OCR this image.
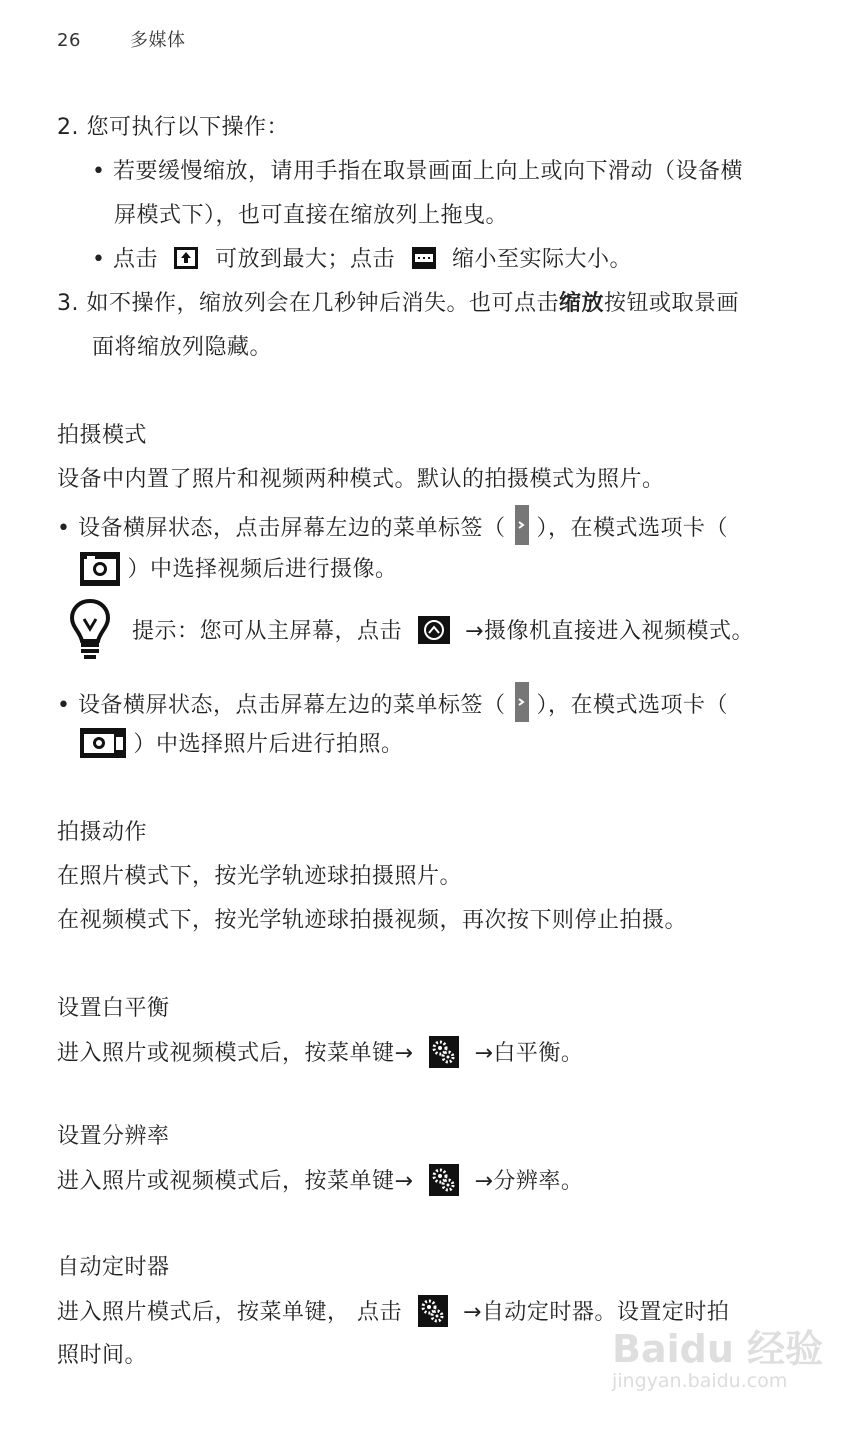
26	多媒体
2. 您可执行以下操作：
• 若要缓慢缩放，请用手指在取景画面上向上或向下滑动（设备横
屏模式下），也可直接在缩放列上拖曳。
• 点击	可放到最大；点击	缩小至实际大小。
3. 如不操作，缩放列会在几秒钟后消失。也可点击缩放按钮或取景画
面将缩放列隐藏。
拍摄模式
设备中内置了照片和视频两种模式。默认的拍摄模式为照片。
• 设备横屏状态，点击屏幕左边的菜单标签（ ），在模式选项卡（
）中选择视频后进行摄像。
提示：您可从主屏幕，点击	→摄像机直接进入视频模式。
• 设备横屏状态，点击屏幕左边的菜单标签（ ），在模式选项卡（
）中选择照片后进行拍照。
拍摄动作
在照片模式下，按光学轨迹球拍摄照片。
在视频模式下，按光学轨迹球拍摄视频，再次按下则停止拍摄。
设置白平衡
进入照片或视频模式后，按菜单键→	→白平衡。
设置分辨率
进入照片或视频模式后，按菜单键→	→分辨率。
自动定时器
进入照片模式后，按菜单键， 点击	→自动定时器。设置定时拍
照时间。	Baidu 经验
jingyan.baidu.com
